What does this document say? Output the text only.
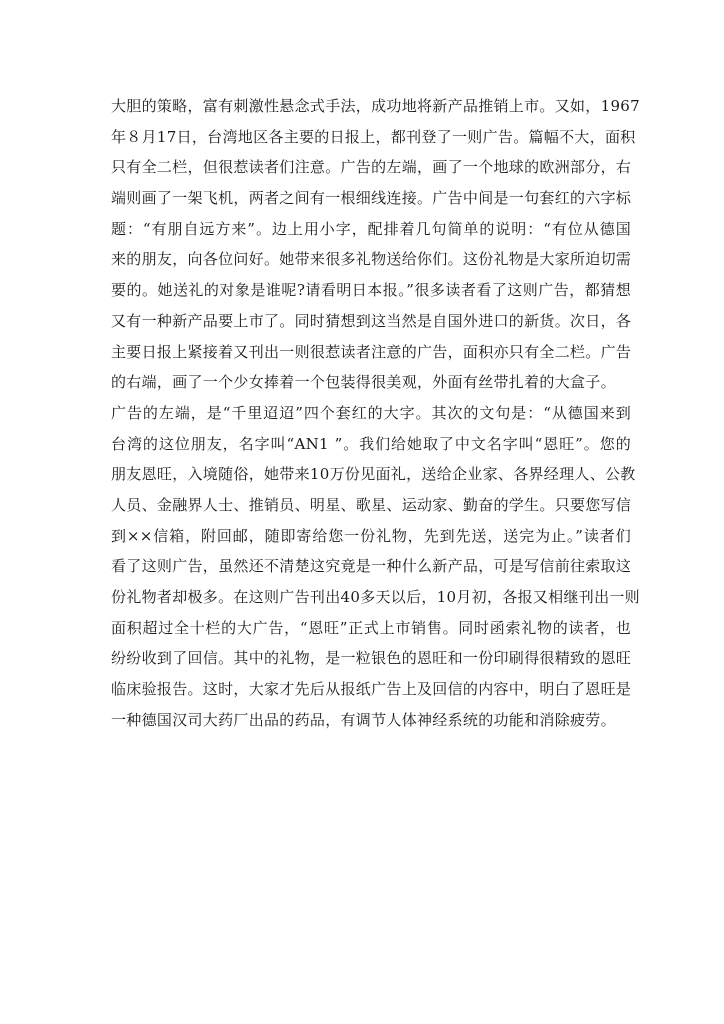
大胆的策略，富有刺激性悬念式手法，成功地将新产品推销上市。又如，1967
年８月17日，台湾地区各主要的日报上，都刊登了一则广告。篇幅不大，面积
只有全二栏，但很惹读者们注意。广告的左端，画了一个地球的欧洲部分，右
端则画了一架飞机，两者之间有一根细线连接。广告中间是一句套红的六字标
题：“有朋自远方来”。边上用小字，配排着几句简单的说明：“有位从德国
来的朋友，向各位问好。她带来很多礼物送给你们。这份礼物是大家所迫切需
要的。她送礼的对象是谁呢?请看明日本报。”很多读者看了这则广告，都猜想
又有一种新产品要上市了。同时猜想到这当然是自国外进口的新货。次日，各
主要日报上紧接着又刊出一则很惹读者注意的广告，面积亦只有全二栏。广告
的右端，画了一个少女捧着一个包装得很美观，外面有丝带扎着的大盒子。
广告的左端，是“千里迢迢”四个套红的大字。其次的文句是：“从德国来到
台湾的这位朋友，名字叫“AN1 ”。我们给她取了中文名字叫“恩旺”。您的
朋友恩旺，入境随俗，她带来10万份见面礼，送给企业家、各界经理人、公教
人员、金融界人士、推销员、明星、歌星、运动家、勤奋的学生。只要您写信
到××信箱，附回邮，随即寄给您一份礼物，先到先送，送完为止。”读者们
看了这则广告，虽然还不清楚这究竟是一种什么新产品，可是写信前往索取这
份礼物者却极多。在这则广告刊出40多天以后，10月初，各报又相继刊出一则
面积超过全十栏的大广告，“恩旺”正式上市销售。同时函索礼物的读者，也
纷纷收到了回信。其中的礼物，是一粒银色的恩旺和一份印刷得很精致的恩旺
临床验报告。这时，大家才先后从报纸广告上及回信的内容中，明白了恩旺是
一种德国汉司大药厂出品的药品，有调节人体神经系统的功能和消除疲劳。
